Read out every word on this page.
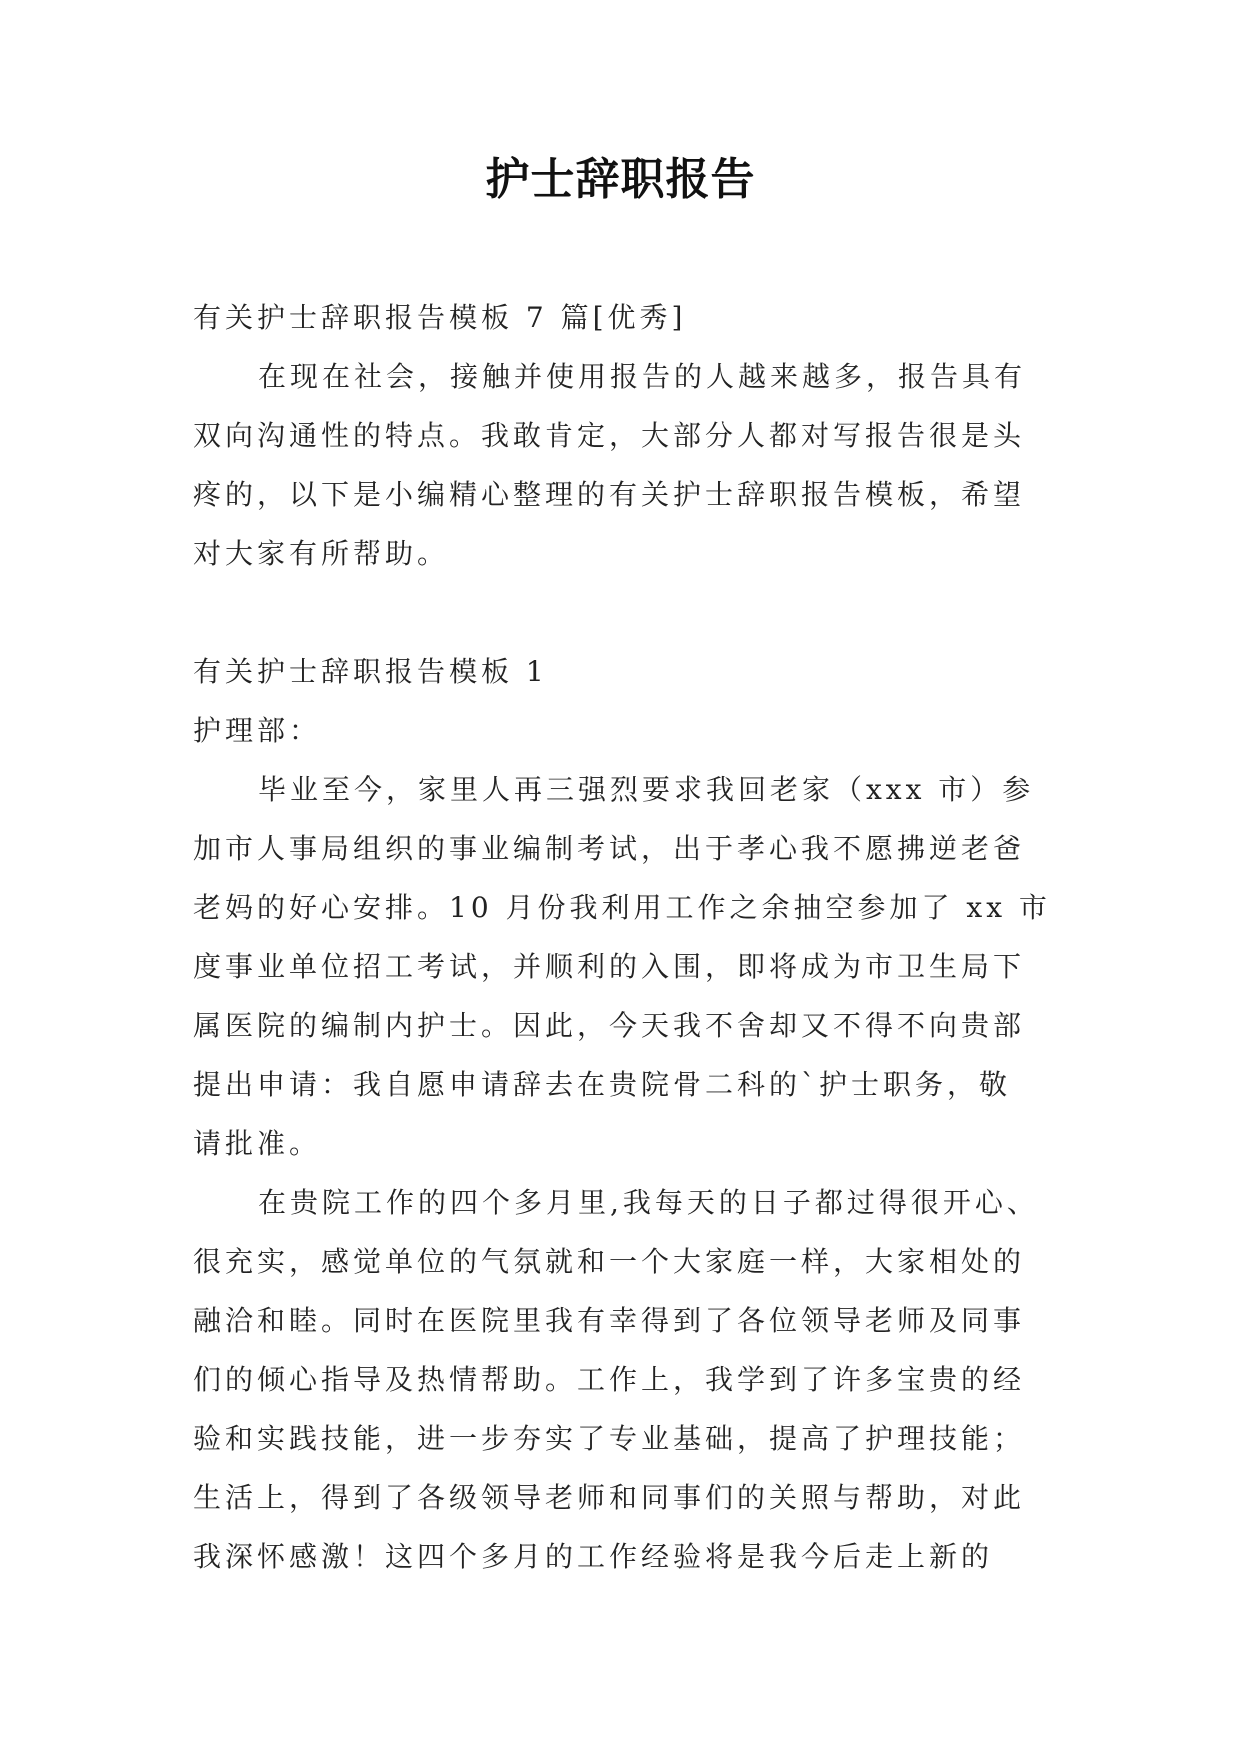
护士辞职报告
有关护士辞职报告模板 7 篇[优秀]
在现在社会，接触并使用报告的人越来越多，报告具有
双向沟通性的特点。我敢肯定，大部分人都对写报告很是头
疼的，以下是小编精心整理的有关护士辞职报告模板，希望
对大家有所帮助。
有关护士辞职报告模板 1
护理部：
毕业至今，家里人再三强烈要求我回老家（xxx 市）参
加市人事局组织的事业编制考试，出于孝心我不愿拂逆老爸
老妈的好心安排。10 月份我利用工作之余抽空参加了 xx 市
度事业单位招工考试，并顺利的入围，即将成为市卫生局下
属医院的编制内护士。因此，今天我不舍却又不得不向贵部
提出申请：我自愿申请辞去在贵院骨二科的`护士职务，敬
请批准。
在贵院工作的四个多月里,我每天的日子都过得很开心、
很充实，感觉单位的气氛就和一个大家庭一样，大家相处的
融洽和睦。同时在医院里我有幸得到了各位领导老师及同事
们的倾心指导及热情帮助。工作上，我学到了许多宝贵的经
验和实践技能，进一步夯实了专业基础，提高了护理技能；
生活上，得到了各级领导老师和同事们的关照与帮助，对此
我深怀感激！这四个多月的工作经验将是我今后走上新的
